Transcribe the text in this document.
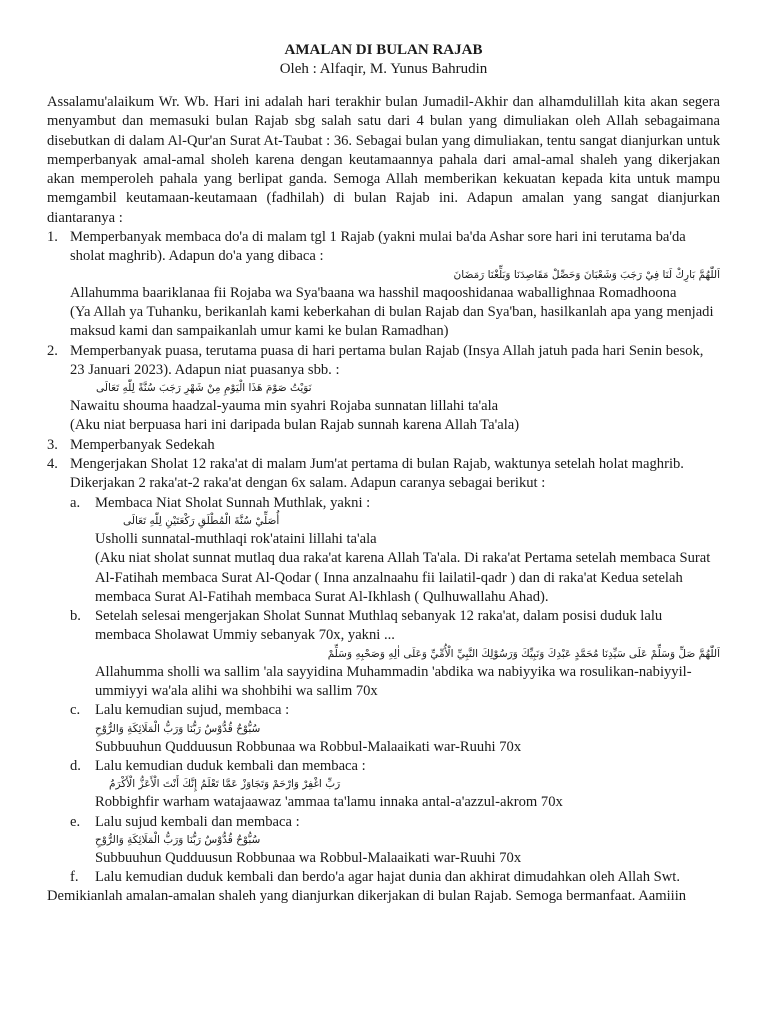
AMALAN DI BULAN RAJAB

Oleh : Alfaqir, M. Yunus Bahrudin

Assalamu'alaikum Wr. Wb. Hari ini adalah hari terakhir bulan Jumadil-Akhir dan alhamdulillah kita akan segera menyambut dan memasuki bulan Rajab sbg salah satu dari 4 bulan yang dimuliakan oleh Allah sebagaimana disebutkan di dalam Al-Qur'an Surat At-Taubat : 36. Sebagai bulan yang dimuliakan, tentu sangat dianjurkan untuk memperbanyak amal-amal sholeh karena dengan keutamaannya pahala dari amal-amal shaleh yang dikerjakan akan memperoleh pahala yang berlipat ganda. Semoga Allah memberikan kekuatan kepada kita untuk mampu memgambil keutamaan-keutamaan (fadhilah) di bulan Rajab ini. Adapun amalan yang sangat dianjurkan diantaranya :

1. Memperbanyak membaca do'a di malam tgl 1 Rajab (yakni mulai ba'da Ashar sore hari ini terutama ba'da sholat maghrib). Adapun do'a yang dibaca :

اَللّٰهُمَّ بَارِكْ لَنَا فِيْ رَجَبَ وَشَعْبَانَ وَحَصِّلْ مَقَاصِدَنَا وَبَلِّغْنَا رَمَضَانَ

Allahumma baariklanaa fii Rojaba wa Sya'baana wa hasshil maqooshidanaa waballighnaa Romadhoona

(Ya Allah ya Tuhanku, berikanlah kami keberkahan di bulan Rajab dan Sya'ban, hasilkanlah apa yang menjadi maksud kami dan sampaikanlah umur kami ke bulan Ramadhan)

2. Memperbanyak puasa, terutama puasa di hari pertama bulan Rajab (Insya Allah jatuh pada hari Senin besok, 23 Januari 2023). Adapun niat puasanya sbb. :

نَوَيْتُ صَوْمَ هَذَا الْيَوْمِ مِنْ شَهْرِ رَجَبَ سُنَّةً لِلّٰهِ تَعَالَى

Nawaitu shouma haadzal-yauma min syahri Rojaba sunnatan lillahi ta'ala

(Aku niat berpuasa hari ini daripada bulan Rajab sunnah karena Allah Ta'ala)

3. Memperbanyak Sedekah

4. Mengerjakan Sholat 12 raka'at di malam Jum'at pertama di bulan Rajab, waktunya setelah holat maghrib. Dikerjakan 2 raka'at-2 raka'at dengan 6x salam. Adapun caranya sebagai berikut :

a. Membaca Niat Sholat Sunnah Muthlak, yakni :

أُصَلِّيْ سُنَّةَ الْمُطْلَقِ رَكْعَتَيْنِ لِلّٰهِ تَعَالَى

Usholli sunnatal-muthlaqi rok'ataini lillahi ta'ala

(Aku niat sholat sunnat mutlaq dua raka'at karena Allah Ta'ala. Di raka'at Pertama setelah membaca Surat Al-Fatihah membaca Surat Al-Qodar ( Inna anzalnaahu fii lailatil-qadr ) dan di raka'at Kedua setelah membaca Surat Al-Fatihah membaca Surat Al-Ikhlash ( Qulhuwallahu Ahad).

b. Setelah selesai mengerjakan Sholat Sunnat Muthlaq sebanyak 12 raka'at, dalam posisi duduk lalu membaca Sholawat Ummiy sebanyak 70x, yakni ...

اَللّٰهُمَّ صَلِّ وَسَلِّمْ عَلَى سَيِّدِنَا مُحَمَّدٍ عَبْدِكَ وَنَبِيِّكَ وَرَسُوْلِكَ النَّبِيِّ الْأُمِّيِّ وَعَلَى اٰلِهِ وَصَحْبِهِ وَسَلِّمْ

Allahumma sholli wa sallim 'ala sayyidina Muhammadin 'abdika wa nabiyyika wa rosulikan-nabiyyil-ummiyyi wa'ala alihi wa shohbihi wa sallim 70x

c. Lalu kemudian sujud, membaca :

سُبُّوْحٌ قُدُّوْسٌ رَبُّنَا وَرَبُّ الْمَلَائِكَةِ وَالرُّوْحِ

Subbuuhun Qudduusun Robbunaa wa Robbul-Malaaikati war-Ruuhi 70x

d. Lalu kemudian duduk kembali dan membaca :

رَبِّ اغْفِرْ وَارْحَمْ وَتَجَاوَزْ عَمَّا تَعْلَمُ إِنَّكَ أَنْتَ الْأَعَزُّ الْأَكْرَمُ

Robbighfir warham watajaawaz 'ammaa ta'lamu innaka antal-a'azzul-akrom 70x

e. Lalu sujud kembali dan membaca :

سُبُّوْحٌ قُدُّوْسٌ رَبُّنَا وَرَبُّ الْمَلَائِكَةِ وَالرُّوْحِ

Subbuuhun Qudduusun Robbunaa wa Robbul-Malaaikati war-Ruuhi 70x

f. Lalu kemudian duduk kembali dan berdo'a agar hajat dunia dan akhirat dimudahkan oleh Allah Swt.

Demikianlah amalan-amalan shaleh yang dianjurkan dikerjakan di bulan Rajab. Semoga bermanfaat. Aamiiin
